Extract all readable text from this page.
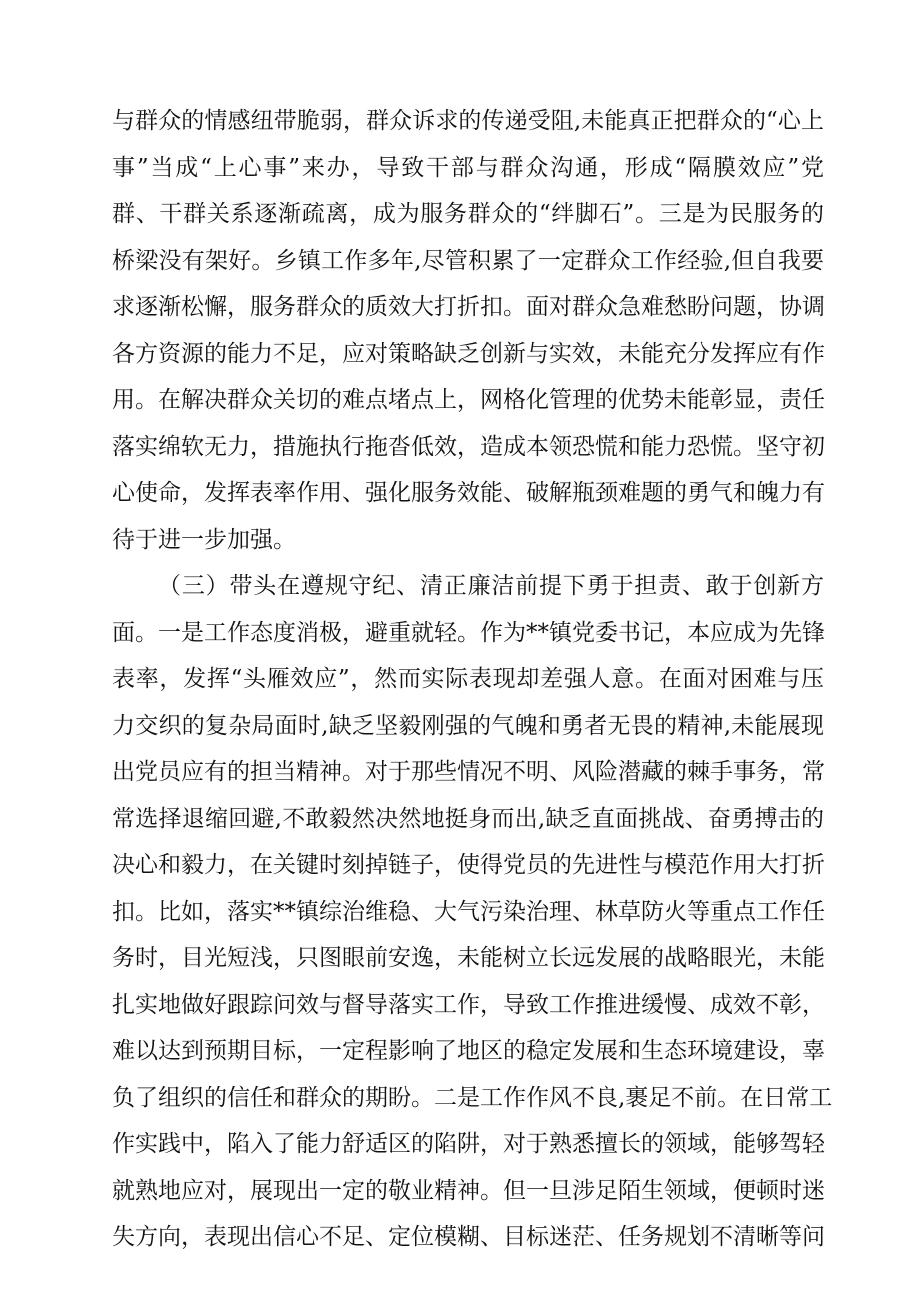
与群众的情感纽带脆弱，群众诉求的传递受阻,未能真正把群众的“心上
事”当成“上心事”来办，导致干部与群众沟通，形成“隔膜效应”党
群、干群关系逐渐疏离，成为服务群众的“绊脚石”。三是为民服务的
桥梁没有架好。乡镇工作多年,尽管积累了一定群众工作经验,但自我要
求逐渐松懈，服务群众的质效大打折扣。面对群众急难愁盼问题，协调
各方资源的能力不足，应对策略缺乏创新与实效，未能充分发挥应有作
用。在解决群众关切的难点堵点上，网格化管理的优势未能彰显，责任
落实绵软无力，措施执行拖沓低效，造成本领恐慌和能力恐慌。坚守初
心使命，发挥表率作用、强化服务效能、破解瓶颈难题的勇气和魄力有
待于进一步加强。
（三）带头在遵规守纪、清正廉洁前提下勇于担责、敢于创新方
面。一是工作态度消极，避重就轻。作为**镇党委书记，本应成为先锋
表率，发挥“头雁效应”，然而实际表现却差强人意。在面对困难与压
力交织的复杂局面时,缺乏坚毅刚强的气魄和勇者无畏的精神,未能展现
出党员应有的担当精神。对于那些情况不明、风险潜藏的棘手事务，常
常选择退缩回避,不敢毅然决然地挺身而出,缺乏直面挑战、奋勇搏击的
决心和毅力，在关键时刻掉链子，使得党员的先进性与模范作用大打折
扣。比如，落实**镇综治维稳、大气污染治理、林草防火等重点工作任
务时，目光短浅，只图眼前安逸，未能树立长远发展的战略眼光，未能
扎实地做好跟踪问效与督导落实工作，导致工作推进缓慢、成效不彰，
难以达到预期目标，一定程影响了地区的稳定发展和生态环境建设，辜
负了组织的信任和群众的期盼。二是工作作风不良,裹足不前。在日常工
作实践中，陷入了能力舒适区的陷阱，对于熟悉擅长的领域，能够驾轻
就熟地应对，展现出一定的敬业精神。但一旦涉足陌生领域，便顿时迷
失方向，表现出信心不足、定位模糊、目标迷茫、任务规划不清晰等问
